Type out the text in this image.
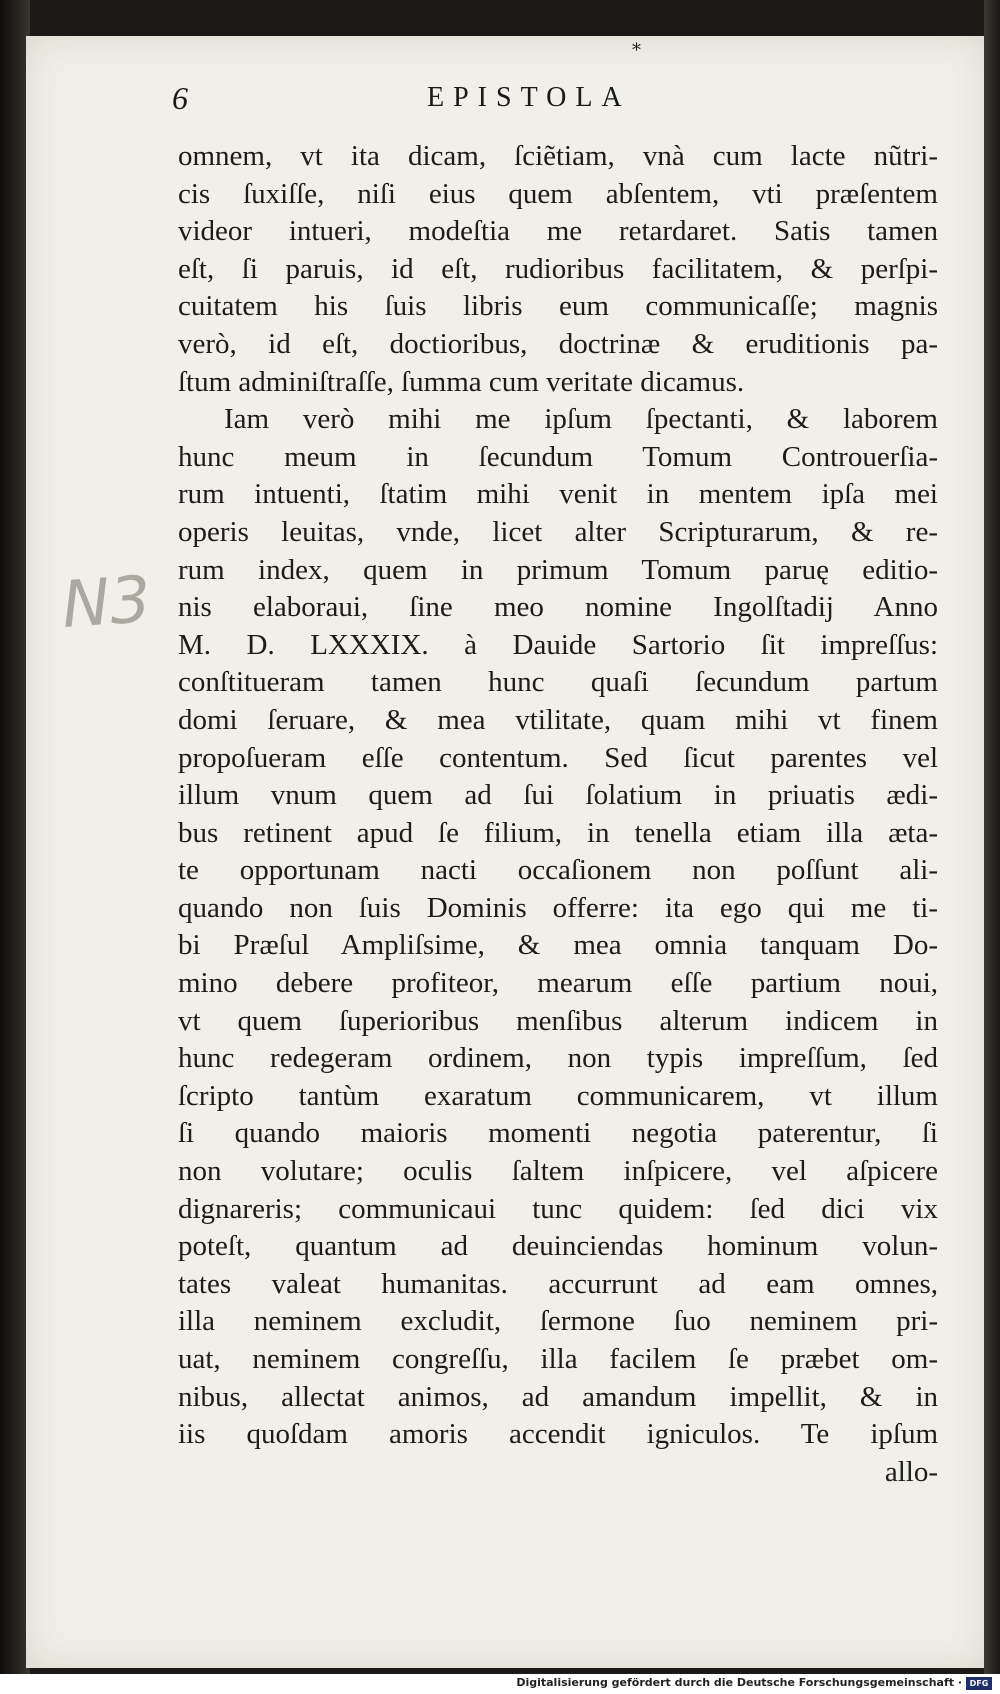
*
6	EPISTOLA
N3
omnem, vt ita dicam, ſciẽtiam, vnà cum lacte nũtri-
cis ſuxiſſe, niſi eius quem abſentem, vti præſentem
videor intueri, modeſtia me retardaret. Satis tamen
eſt, ſi paruis, id eſt, rudioribus facilitatem, & perſpi-
cuitatem his ſuis libris eum communicaſſe; magnis
verò, id eſt, doctioribus, doctrinæ & eruditionis pa-
ſtum adminiſtraſſe, ſumma cum veritate dicamus.
Iam verò mihi me ipſum ſpectanti, & laborem
hunc meum in ſecundum Tomum Controuerſia-
rum intuenti, ſtatim mihi venit in mentem ipſa mei
operis leuitas, vnde, licet alter Scripturarum, & re-
rum index, quem in primum Tomum paruę editio-
nis elaboraui, ſine meo nomine Ingolſtadij Anno
M. D. LXXXIX. à Dauide Sartorio ſit impreſſus:
conſtitueram tamen hunc quaſi ſecundum partum
domi ſeruare, & mea vtilitate, quam mihi vt finem
propoſueram eſſe contentum. Sed ſicut parentes vel
illum vnum quem ad ſui ſolatium in priuatis ædi-
bus retinent apud ſe filium, in tenella etiam illa æta-
te opportunam nacti occaſionem non poſſunt ali-
quando non ſuis Dominis offerre: ita ego qui me ti-
bi Præſul Ampliſsime, & mea omnia tanquam Do-
mino debere profiteor, mearum eſſe partium noui,
vt quem ſuperioribus menſibus alterum indicem in
hunc redegeram ordinem, non typis impreſſum, ſed
ſcripto tantùm exaratum communicarem, vt illum
ſi quando maioris momenti negotia paterentur, ſi
non volutare; oculis ſaltem inſpicere, vel aſpicere
dignareris; communicaui tunc quidem: ſed dici vix
poteſt, quantum ad deuinciendas hominum volun-
tates valeat humanitas. accurrunt ad eam omnes,
illa neminem excludit, ſermone ſuo neminem pri-
uat, neminem congreſſu, illa facilem ſe præbet om-
nibus, allectat animos, ad amandum impellit, & in
iis quoſdam amoris accendit igniculos. Te ipſum
allo-
Digitalisierung gefördert durch die Deutsche Forschungsgemeinschaft · DFG
